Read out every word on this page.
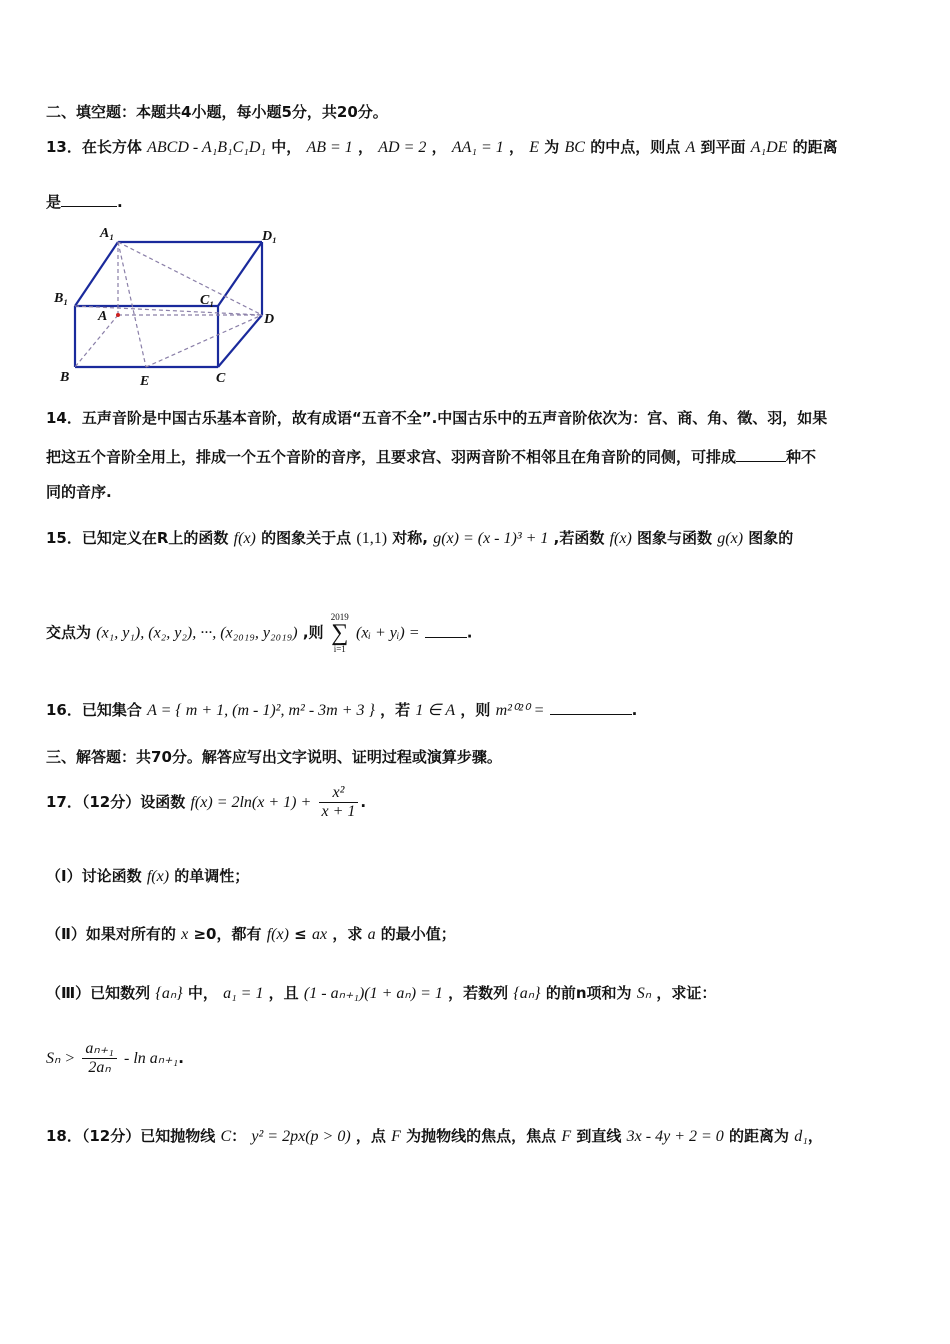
二、填空题：本题共4小题，每小题5分，共20分。
13．在长方体 ABCD - A₁B₁C₁D₁ 中， AB = 1 ， AD = 2 ， AA₁ = 1 ， E 为 BC 的中点，则点 A 到平面 A₁DE 的距离
是	.
A₁	D₁
B₁	C₁
A	D
B	E	C
14．五声音阶是中国古乐基本音阶，故有成语“五音不全”.中国古乐中的五声音阶依次为：宫、商、角、徵、羽，如果
把这五个音阶全用上，排成一个五个音阶的音序，且要求宫、羽两音阶不相邻且在角音阶的同侧，可排成	种不
同的音序.
15．已知定义在R上的函数 f(x) 的图象关于点 (1,1) 对称, g(x) = (x - 1)³ + 1 ,若函数 f(x) 图象与函数 g(x) 图象的
交点为 (x₁, y₁), (x₂, y₂), ···, (x₂₀₁₉, y₂₀₁₉) ,则
2019
∑
i=1
(xᵢ + yᵢ) =	.
16．已知集合 A = { m + 1, (m - 1)², m² - 3m + 3 } ，若 1 ∈ A ，则 m²⁰²⁰ =	.
三、解答题：共70分。解答应写出文字说明、证明过程或演算步骤。
17．（12分）设函数 $f(x) = 2\ln(x + 1) + \frac{\text{x²}}{x + 1}$ .
（Ⅰ）讨论函数 f(x) 的单调性；
（Ⅱ）如果对所有的 x ≥0，都有 f(x) ≤ ax ，求 a 的最小值；
（Ⅲ）已知数列 {aₙ} 中， a₁ = 1 ，且 (1 - aₙ₊₁)(1 + aₙ) = 1 ，若数列 {aₙ} 的前n项和为 Sₙ ，求证：
$S_n > \frac{\text{aₙ₊₁}}{\text{2aₙ}} - \ln a_{n+1}$.
18．（12分）已知抛物线 C： y² = 2px(p > 0) ，点 F 为抛物线的焦点，焦点 F 到直线 3x - 4y + 2 = 0 的距离为 d₁，
